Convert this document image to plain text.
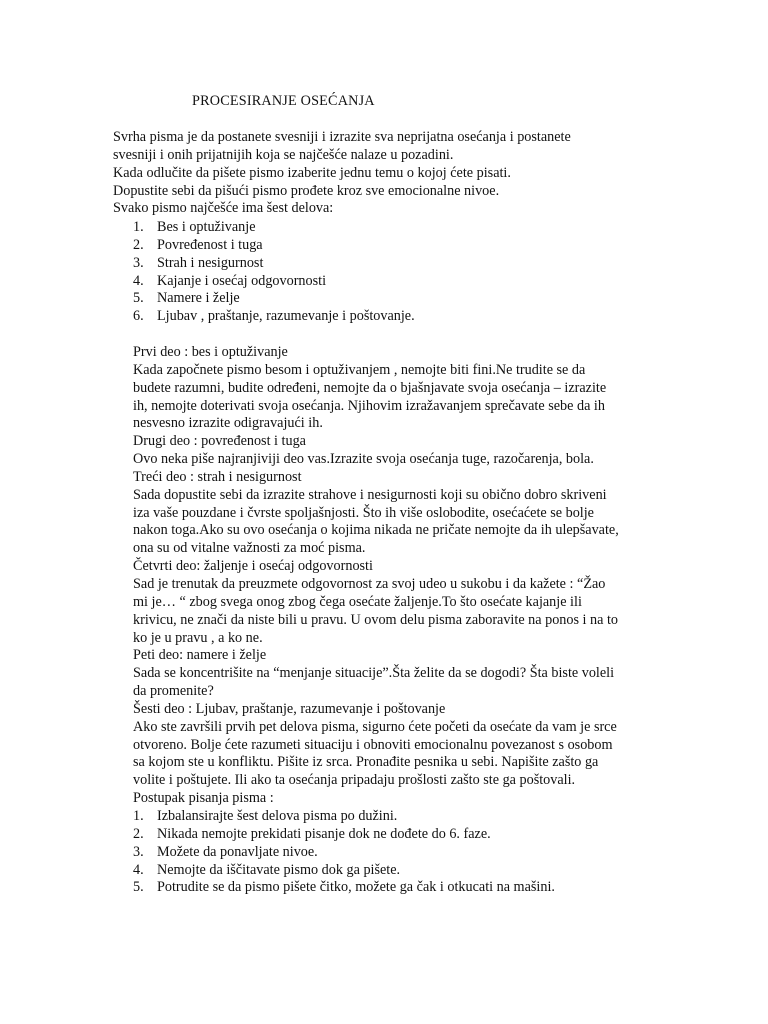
PROCESIRANJE OSEĆANJA

Svrha pisma je da postanete svesniji i izrazite sva neprijatna osećanja i postanete

svesniji i onih prijatnijih koja se najčešće nalaze u pozadini.

Kada odlučite da pišete pismo izaberite jednu temu o kojoj ćete pisati.

Dopustite sebi da pišući pismo prođete kroz sve emocionalne nivoe.

Svako pismo najčešće ima šest delova:

1. Bes i optuživanje
2. Povređenost i tuga
3. Strah i nesigurnost
4. Kajanje i osećaj odgovornosti
5. Namere i želje
6. Ljubav , praštanje, razumevanje i poštovanje.

Prvi deo : bes i optuživanje

Kada započnete pismo besom i optuživanjem , nemojte biti fini.Ne trudite se da

budete razumni, budite određeni, nemojte da o bjašnjavate svoja osećanja – izrazite

ih, nemojte doterivati svoja osećanja. Njihovim izražavanjem sprečavate sebe da ih

nesvesno izrazite odigravajući ih.

Drugi deo : povređenost i tuga

Ovo neka piše najranjiviji deo vas.Izrazite svoja osećanja tuge, razočarenja, bola.

Treći deo : strah i nesigurnost

Sada dopustite sebi da izrazite strahove i nesigurnosti koji su obično dobro skriveni

iza vaše pouzdane i čvrste spoljašnjosti. Što ih više oslobodite, osećaćete se bolje

nakon toga.Ako su ovo osećanja o kojima nikada ne pričate nemojte da ih ulepšavate,

ona su od vitalne važnosti za moć pisma.

Četvrti deo: žaljenje i osećaj odgovornosti

Sad je trenutak da preuzmete odgovornost za svoj udeo u sukobu i da kažete : “Žao

mi je… “ zbog svega onog zbog čega osećate žaljenje.To što osećate kajanje ili

krivicu, ne znači da niste bili u pravu. U ovom delu pisma zaboravite na ponos i na to

ko je u pravu , a ko ne.

Peti deo: namere i želje

Sada se koncentrišite na “menjanje situacije”.Šta želite da se dogodi? Šta biste voleli

da promenite?

Šesti deo : Ljubav, praštanje, razumevanje i poštovanje

Ako ste završili prvih pet delova pisma, sigurno ćete početi da osećate da vam je srce

otvoreno. Bolje ćete razumeti situaciju i obnoviti emocionalnu povezanost s osobom

sa kojom ste u konfliktu. Pišite iz srca. Pronađite pesnika u sebi. Napišite zašto ga

volite i poštujete. Ili ako ta osećanja pripadaju prošlosti zašto ste ga poštovali.

Postupak pisanja pisma :

1. Izbalansirajte šest delova pisma po dužini.
2. Nikada nemojte prekidati pisanje dok ne dođete do 6. faze.
3. Možete da ponavljate nivoe.
4. Nemojte da iščitavate pismo dok ga pišete.
5. Potrudite se da pismo pišete čitko, možete ga čak i otkucati na mašini.
